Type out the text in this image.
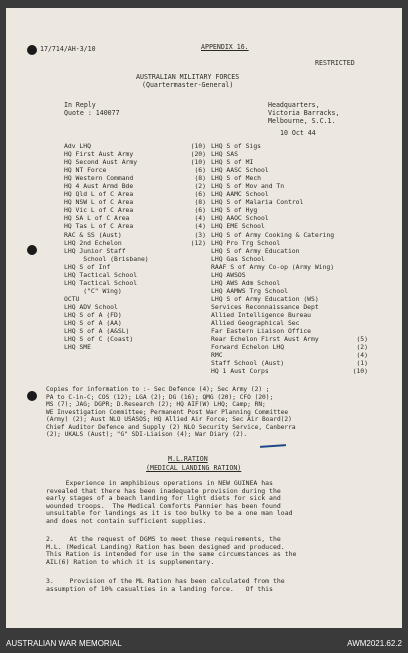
17/714/AH-3/10	APPENDIX 16.
RESTRICTED
AUSTRALIAN MILITARY FORCES
(Quartermaster-General)
In Reply
Quote : 140077
Headquarters,
Victoria Barracks,
Melbourne, S.C.1.
10 Oct 44
Adv LHQ
HQ First Aust Army
HQ Second Aust Army
HQ NT Force
HQ Western Command
HQ 4 Aust Armd Bde
HQ Qld L of C Area
HQ NSW L of C Area
HQ Vic L of C Area
HQ SA L of C Area
HQ Tas L of C Area
RAC & SS (Aust)
LHQ 2nd Echelon
LHQ Junior Staff
School (Brisbane)
LHQ S of Inf
LHQ Tactical School
LHQ Tactical School
("C" Wing)
OCTU
LHQ ADV School
LHQ S of A (FD)
LHQ S of A (AA)
LHQ S of A (A&SL)
LHQ S of C (Coast)
LHQ SME
(10)
(20)
(10)
(6)
(8)
(2)
(6)
(8)
(6)
(4)
(4)
(3)
(12)
LHQ S of Sigs
LHQ SAS
LHQ S of MI
LHQ AASC School
LHQ S of Mech
LHQ S of Mov and Tn
LHQ AAMC School
LHQ S of Malaria Control
LHQ S of Hyg
LHQ AAOC School
LHQ EME School
LHQ S of Army Cooking & Catering
LHQ Pro Trg School
LHQ S of Army Education
LHQ Gas School
RAAF S of Army Co-op (Army Wing)
LHQ AWSOS
LHQ AWS Adm School
LHQ AAMWS Trg School
LHQ S of Army Education (WS)
Services Reconnaissance Dept
Allied Intelligence Bureau
Allied Geographical Sec
Far Eastern Liaison Office
Rear Echelon First Aust Army
Forward Echelon LHQ
RMC
Staff School (Aust)
HQ 1 Aust Corps
(5)
(2)
(4)
(1)
(10)
Copies for information to :- Sec Defence (4); Sec Army (2) ;
PA to C-in-C; COS (12); LGA (2); DG (16); QMG (20); CFO (20);
MS (7); JAG; DGPR; D.Research (2); HQ AIF(W) LHQ; Camp; RN;
WE Investigation Committee; Permanent Post War Planning Committee
(Army) (2); Aust NLO USASOS; HQ Allied Air Force; Sec Air Board(2)
Chief Auditor Defence and Supply (2) NLO Security Service, Canberra
(2); UKALS (Aust); "G" SDI-Liaison (4); War Diary (2).
M.L.RATION
(MEDICAL LANDING RATION)
Experience in amphibious operations in NEW GUINEA has
revealed that there has been inadequate provision during the
early stages of a beach landing for light diets for sick and
wounded troops.  The Medical Comforts Pannier has been found
unsuitable for landings as it is too bulky to be a one man load
and does not contain sufficient supplies.
2.    At the request of DGMS to meet these requirements, the
M.L. (Medical Landing) Ration has been designed and produced.
This Ration is intended for use in the same circumstances as the
AIL(6) Ration to which it is supplementary.
3.    Provision of the ML Ration has been calculated from the
assumption of 10% casualties in a landing force.   Of this
AUSTRALIAN WAR MEMORIAL	AWM2021.62.2
